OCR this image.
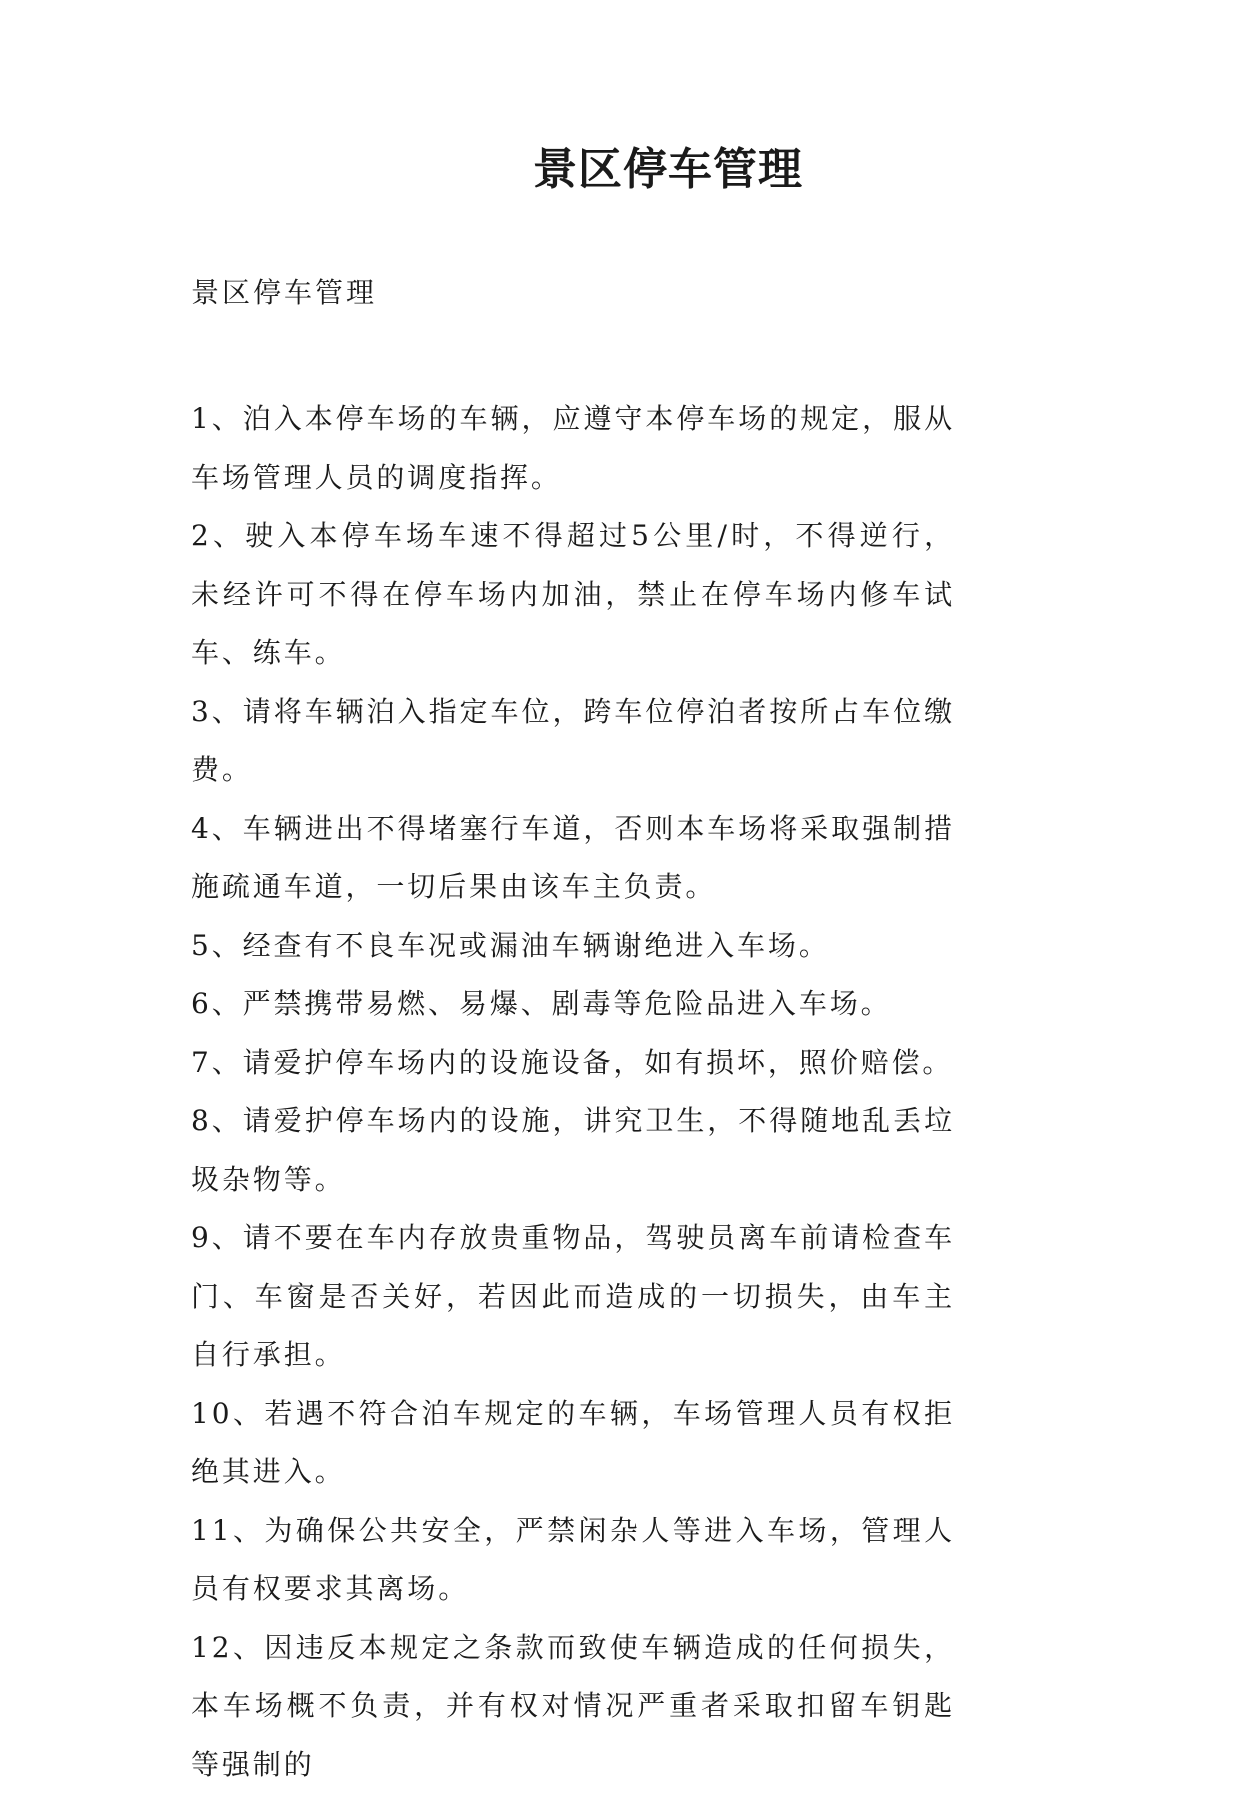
景区停车管理

景区停车管理

1、泊入本停车场的车辆，应遵守本停车场的规定，服从车场管理人员的调度指挥。
2、驶入本停车场车速不得超过5公里/时，不得逆行，未经许可不得在停车场内加油，禁止在停车场内修车试车、练车。
3、请将车辆泊入指定车位，跨车位停泊者按所占车位缴费。
4、车辆进出不得堵塞行车道，否则本车场将采取强制措施疏通车道，一切后果由该车主负责。
5、经查有不良车况或漏油车辆谢绝进入车场。
6、严禁携带易燃、易爆、剧毒等危险品进入车场。
7、请爱护停车场内的设施设备，如有损坏，照价赔偿。
8、请爱护停车场内的设施，讲究卫生，不得随地乱丢垃圾杂物等。
9、请不要在车内存放贵重物品，驾驶员离车前请检查车门、车窗是否关好，若因此而造成的一切损失，由车主自行承担。
10、若遇不符合泊车规定的车辆，车场管理人员有权拒绝其进入。
11、为确保公共安全，严禁闲杂人等进入车场，管理人员有权要求其离场。
12、因违反本规定之条款而致使车辆造成的任何损失，本车场概不负责，并有权对情况严重者采取扣留车钥匙等强制的
